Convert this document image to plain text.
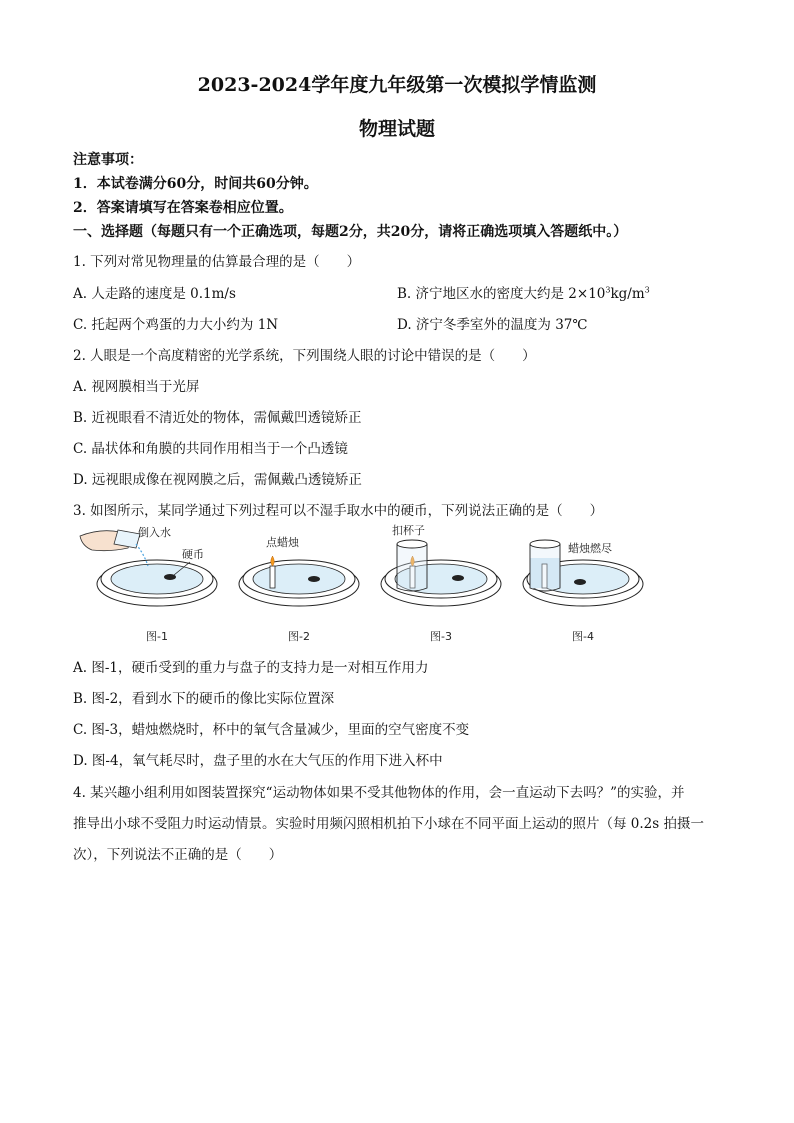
2023-2024学年度九年级第一次模拟学情监测
物理试题
注意事项：
1．本试卷满分60分，时间共60分钟。
2．答案请填写在答案卷相应位置。
一、选择题（每题只有一个正确选项，每题2分，共20分，请将正确选项填入答题纸中。）
1. 下列对常见物理量的估算最合理的是（　　）
A. 人走路的速度是 0.1m/s	B. 济宁地区水的密度大约是 $2\times 10^3kg/m^3$
C. 托起两个鸡蛋的力大小约为 1N	D. 济宁冬季室外的温度为 37℃
2. 人眼是一个高度精密的光学系统，下列围绕人眼的讨论中错误的是（　　）
A. 视网膜相当于光屏
B. 近视眼看不清近处的物体，需佩戴凹透镜矫正
C. 晶状体和角膜的共同作用相当于一个凸透镜
D. 远视眼成像在视网膜之后，需佩戴凸透镜矫正
3. 如图所示，某同学通过下列过程可以不湿手取水中的硬币，下列说法正确的是（　　）
倒入水
硬币
图-1
点蜡烛
图-2
扣杯子
图-3
蜡烛燃尽
图-4
A. 图-1，硬币受到的重力与盘子的支持力是一对相互作用力
B. 图-2，看到水下的硬币的像比实际位置深
C. 图-3，蜡烛燃烧时，杯中的氧气含量减少，里面的空气密度不变
D. 图-4，氧气耗尽时，盘子里的水在大气压的作用下进入杯中
4. 某兴趣小组利用如图装置探究“运动物体如果不受其他物体的作用，会一直运动下去吗？”的实验，并
推导出小球不受阻力时运动情景。实验时用频闪照相机拍下小球在不同平面上运动的照片（每 0.2s 拍摄一
次），下列说法不正确的是（　　）
